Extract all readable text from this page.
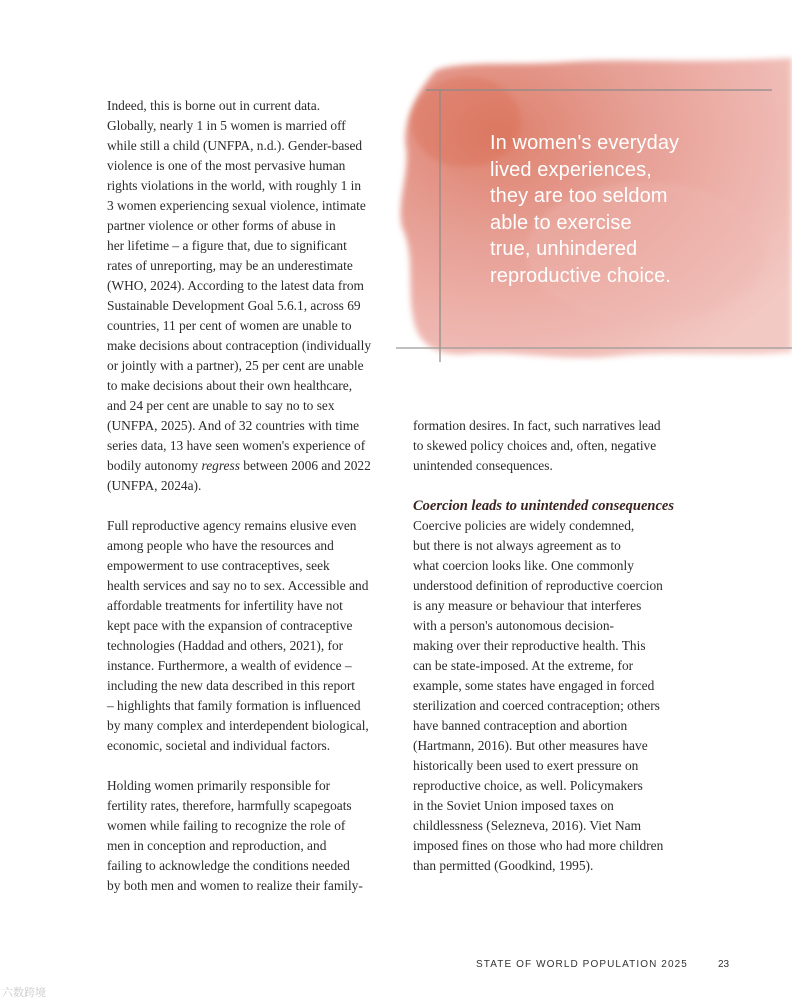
In women's everyday
lived experiences,
they are too seldom
able to exercise
true, unhindered
reproductive choice.

Indeed, this is borne out in current data.
Globally, nearly 1 in 5 women is married off
while still a child (UNFPA, n.d.). Gender-based
violence is one of the most pervasive human
rights violations in the world, with roughly 1 in
3 women experiencing sexual violence, intimate
partner violence or other forms of abuse in
her lifetime – a figure that, due to significant
rates of unreporting, may be an underestimate
(WHO, 2024). According to the latest data from
Sustainable Development Goal 5.6.1, across 69
countries, 11 per cent of women are unable to
make decisions about contraception (individually
or jointly with a partner), 25 per cent are unable
to make decisions about their own healthcare,
and 24 per cent are unable to say no to sex
(UNFPA, 2025). And of 32 countries with time
series data, 13 have seen women's experience of
bodily autonomy regress between 2006 and 2022
(UNFPA, 2024a).

Full reproductive agency remains elusive even
among people who have the resources and
empowerment to use contraceptives, seek
health services and say no to sex. Accessible and
affordable treatments for infertility have not
kept pace with the expansion of contraceptive
technologies (Haddad and others, 2021), for
instance. Furthermore, a wealth of evidence –
including the new data described in this report
– highlights that family formation is influenced
by many complex and interdependent biological,
economic, societal and individual factors.

Holding women primarily responsible for
fertility rates, therefore, harmfully scapegoats
women while failing to recognize the role of
men in conception and reproduction, and
failing to acknowledge the conditions needed
by both men and women to realize their family-

formation desires. In fact, such narratives lead
to skewed policy choices and, often, negative
unintended consequences.

Coercion leads to unintended consequences

Coercive policies are widely condemned,
but there is not always agreement as to
what coercion looks like. One commonly
understood definition of reproductive coercion
is any measure or behaviour that interferes
with a person's autonomous decision-
making over their reproductive health. This
can be state-imposed. At the extreme, for
example, some states have engaged in forced
sterilization and coerced contraception; others
have banned contraception and abortion
(Hartmann, 2016). But other measures have
historically been used to exert pressure on
reproductive choice, as well. Policymakers
in the Soviet Union imposed taxes on
childlessness (Selezneva, 2016). Viet Nam
imposed fines on those who had more children
than permitted (Goodkind, 1995).

STATE OF WORLD POPULATION 2025	23
六数跨境
